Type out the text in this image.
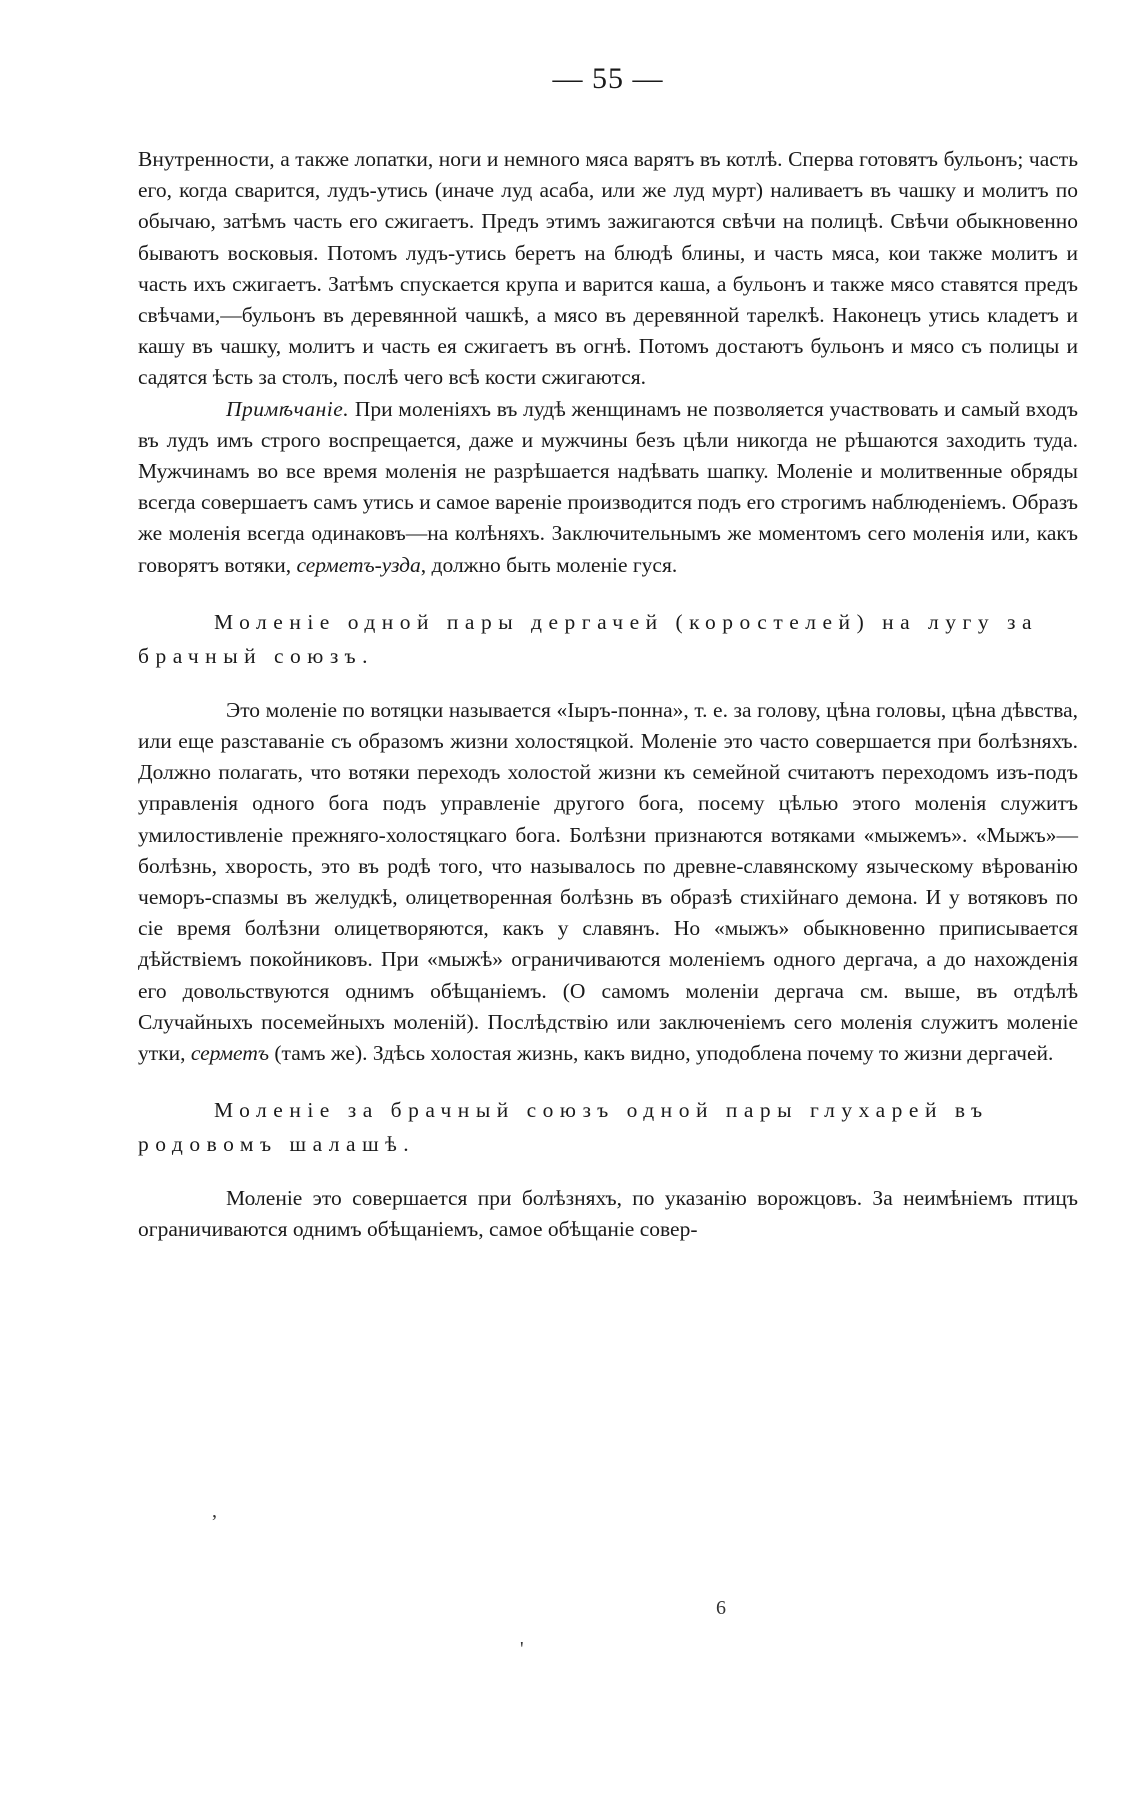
— 55 —

Внутренности, а также лопатки, ноги и немного мяса варятъ въ котлѣ. Сперва готовятъ бульонъ; часть его, когда сварится, лудъ-утись (иначе луд асаба, или же луд мурт) наливаетъ въ чашку и молитъ по обычаю, затѣмъ часть его сжигаетъ. Предъ этимъ зажигаются свѣчи на полицѣ. Свѣчи обыкновенно бываютъ восковыя. Потомъ лудъ-утись беретъ на блюдѣ блины, и часть мяса, кои также молитъ и часть ихъ сжигаетъ. Затѣмъ спускается крупа и варится каша, а бульонъ и также мясо ставятся предъ свѣчами,—бульонъ въ деревянной чашкѣ, а мясо въ деревянной тарелкѣ. Наконецъ утись кладетъ и кашу въ чашку, молитъ и часть ея сжигаетъ въ огнѣ. Потомъ достаютъ бульонъ и мясо съ полицы и садятся ѣсть за столъ, послѣ чего всѣ кости сжигаются.

Примѣчаніе. При моленіяхъ въ лудѣ женщинамъ не позволяется участвовать и самый входъ въ лудъ имъ строго воспрещается, даже и мужчины безъ цѣли никогда не рѣшаются заходить туда. Мужчинамъ во все время моленія не разрѣшается надѣвать шапку. Моленіе и молитвенные обряды всегда совершаетъ самъ утись и самое вареніе производится подъ его строгимъ наблюденіемъ. Образъ же моленія всегда одинаковъ—на колѣняхъ. Заключительнымъ же моментомъ сего моленія или, какъ говорятъ вотяки, серметъ-узда, должно быть моленіе гуся.

Моленіе одной пары дергачей (коростелей) на лугу за брачный союзъ.

Это моленіе по вотяцки называется «Іыръ-понна», т. е. за голову, цѣна головы, цѣна дѣвства, или еще разставаніе съ образомъ жизни холостяцкой. Моленіе это часто совершается при болѣзняхъ. Должно полагать, что вотяки переходъ холостой жизни къ семейной считаютъ переходомъ изъ-подъ управленія одного бога подъ управленіе другого бога, посему цѣлью этого моленія служитъ умилостивленіе прежняго-холостяцкаго бога. Болѣзни признаются вотяками «мыжемъ». «Мыжъ»—болѣзнь, хворость, это въ родѣ того, что называлось по древне-славянскому языческому вѣрованію чеморъ-спазмы въ желудкѣ, олицетворенная болѣзнь въ образѣ стихійнаго демона. И у вотяковъ по сіе время болѣзни олицетворяются, какъ у славянъ. Но «мыжъ» обыкновенно приписывается дѣйствіемъ покойниковъ. При «мыжѣ» ограничиваются моленіемъ одного дергача, а до нахожденія его довольствуются однимъ обѣщаніемъ. (О самомъ моленіи дергача см. выше, въ отдѣлѣ Случайныхъ посемейныхъ моленій). Послѣдствію или заключеніемъ сего моленія служитъ моленіе утки, серметъ (тамъ же). Здѣсь холостая жизнь, какъ видно, уподоблена почему то жизни дергачей.

Моленіе за брачный союзъ одной пары глухарей въ родовомъ шалашѣ.

Моленіе это совершается при болѣзняхъ, по указанію ворожцовъ. За неимѣніемъ птицъ ограничиваются однимъ обѣщаніемъ, самое обѣщаніе совер-

,
6
'
